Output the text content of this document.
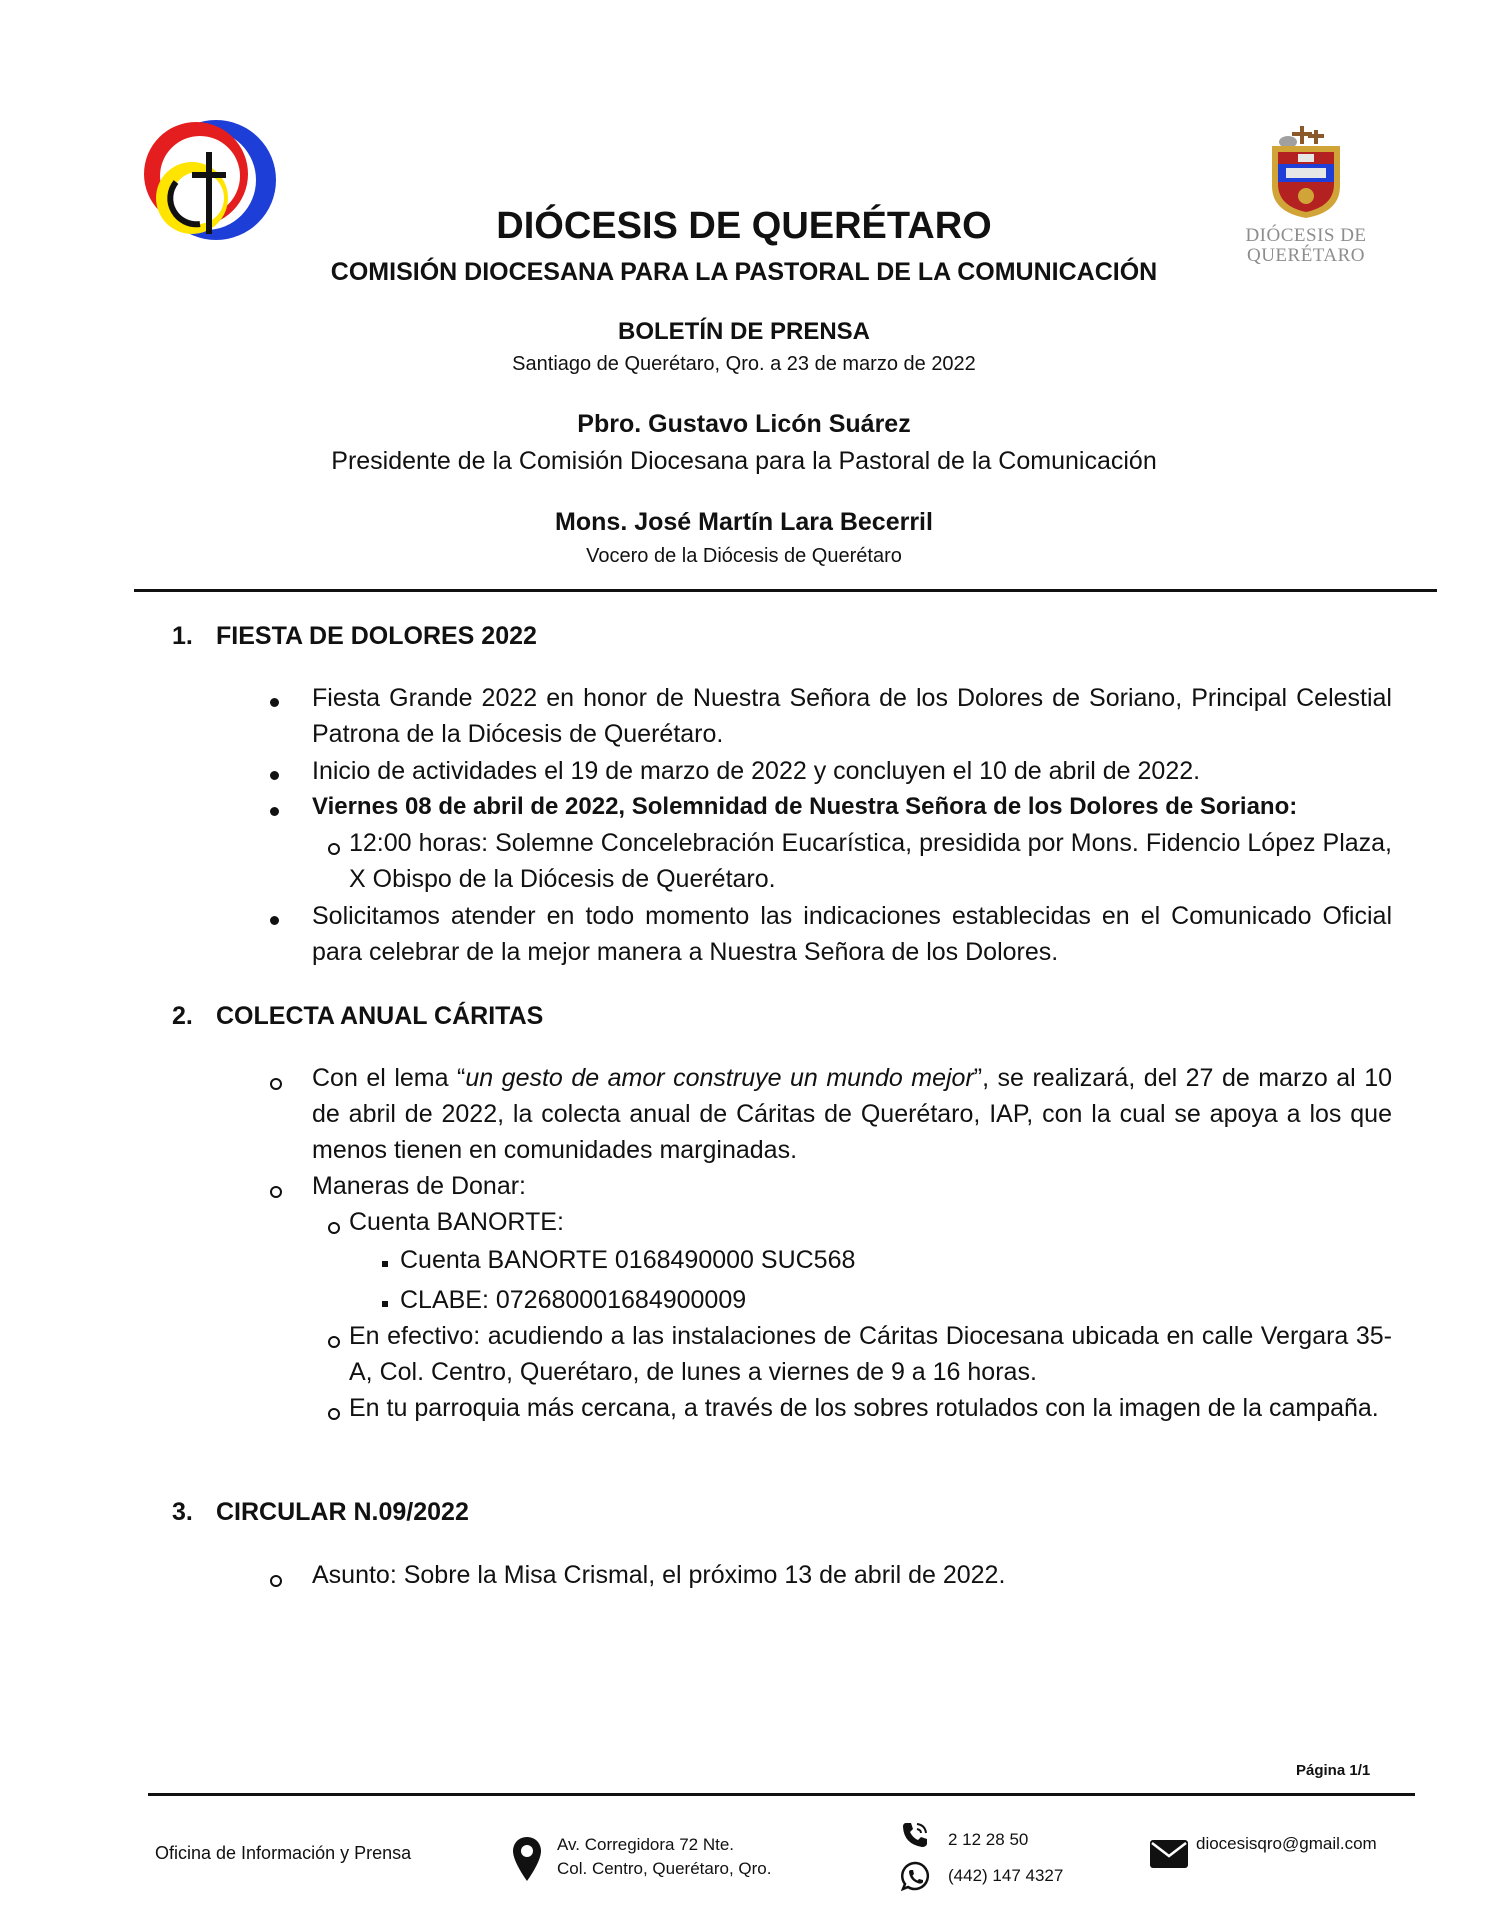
DIÓCESIS DE
QUERÉTARO
DIÓCESIS DE QUERÉTARO
COMISIÓN DIOCESANA PARA LA PASTORAL DE LA COMUNICACIÓN
BOLETÍN DE PRENSA
Santiago de Querétaro, Qro. a 23 de marzo de 2022
Pbro. Gustavo Licón Suárez
Presidente de la Comisión Diocesana para la Pastoral de la Comunicación
Mons. José Martín Lara Becerril
Vocero de la Diócesis de Querétaro
1. FIESTA DE DOLORES 2022
Fiesta Grande 2022 en honor de Nuestra Señora de los Dolores de Soriano, Principal Celestial Patrona de la Diócesis de Querétaro.
Inicio de actividades el 19 de marzo de 2022 y concluyen el 10 de abril de 2022.
Viernes 08 de abril de 2022, Solemnidad de Nuestra Señora de los Dolores de Soriano:
12:00 horas: Solemne Concelebración Eucarística, presidida por Mons. Fidencio López Plaza, X Obispo de la Diócesis de Querétaro.
Solicitamos atender en todo momento las indicaciones establecidas en el Comunicado Oficial para celebrar de la mejor manera a Nuestra Señora de los Dolores.
2. COLECTA ANUAL CÁRITAS
Con el lema “un gesto de amor construye un mundo mejor”, se realizará, del 27 de marzo al 10 de abril de 2022, la colecta anual de Cáritas de Querétaro, IAP, con la cual se apoya a los que menos tienen en comunidades marginadas.
Maneras de Donar:
Cuenta BANORTE:
Cuenta BANORTE 0168490000 SUC568
CLABE: 072680001684900009
En efectivo: acudiendo a las instalaciones de Cáritas Diocesana ubicada en calle Vergara 35-A, Col. Centro, Querétaro, de lunes a viernes de 9 a 16 horas.
En tu parroquia más cercana, a través de los sobres rotulados con la imagen de la campaña.
3. CIRCULAR N.09/2022
Asunto: Sobre la Misa Crismal, el próximo 13 de abril de 2022.
Página 1/1
Oficina de Información y Prensa	Av. Corregidora 72 Nte.
Col. Centro, Querétaro, Qro.
2 12 28 50
(442) 147 4327
diocesisqro@gmail.com
